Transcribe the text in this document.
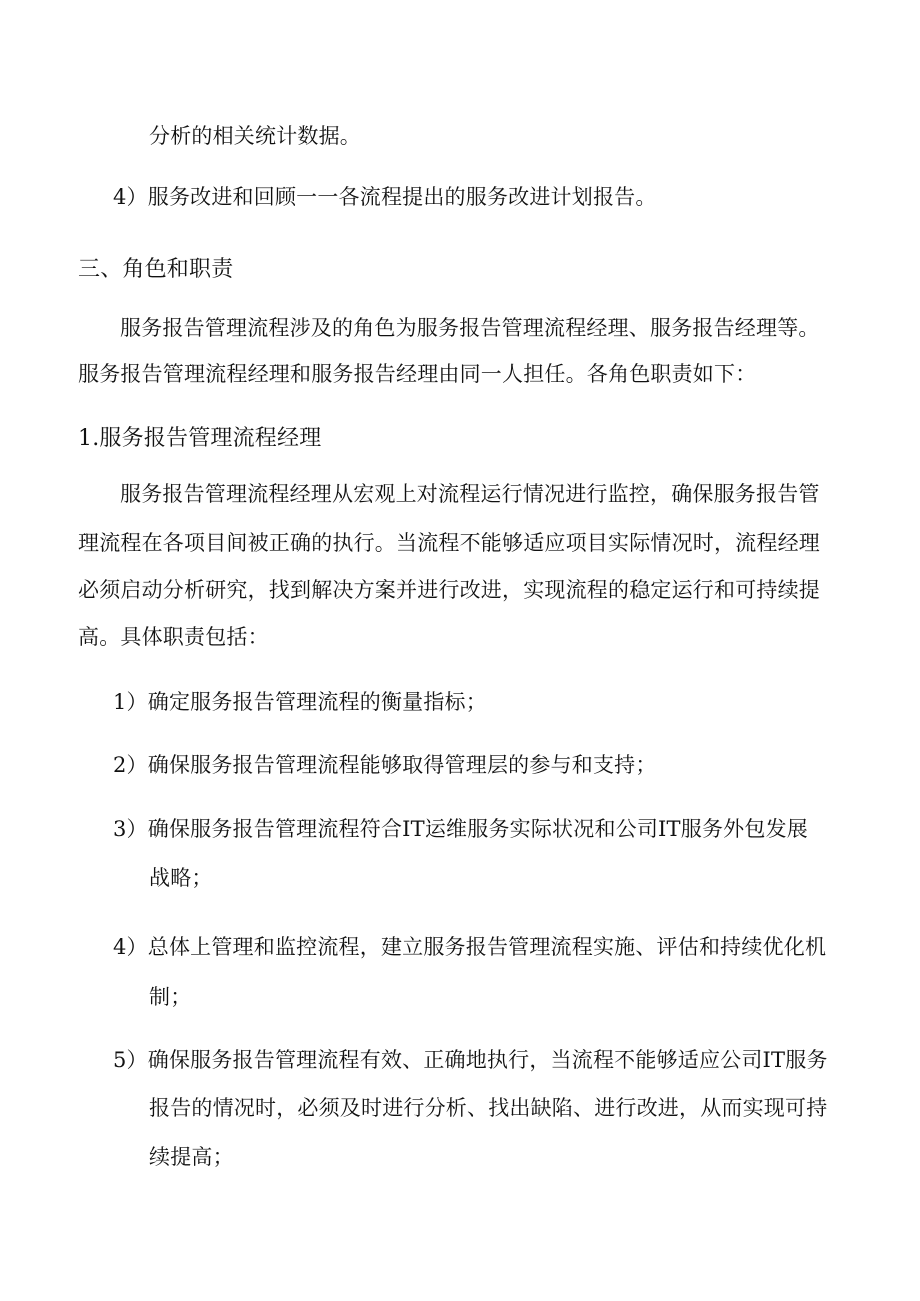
分析的相关统计数据。
4）服务改进和回顾一一各流程提出的服务改进计划报告。
三、角色和职责
服务报告管理流程涉及的角色为服务报告管理流程经理、服务报告经理等。
服务报告管理流程经理和服务报告经理由同一人担任。各角色职责如下：
1.服务报告管理流程经理
服务报告管理流程经理从宏观上对流程运行情况进行监控，确保服务报告管
理流程在各项目间被正确的执行。当流程不能够适应项目实际情况时，流程经理
必须启动分析研究，找到解决方案并进行改进，实现流程的稳定运行和可持续提
高。具体职责包括：
1）确定服务报告管理流程的衡量指标；
2）确保服务报告管理流程能够取得管理层的参与和支持；
3）确保服务报告管理流程符合IT运维服务实际状况和公司IT服务外包发展
战略；
4）总体上管理和监控流程，建立服务报告管理流程实施、评估和持续优化机
制；
5）确保服务报告管理流程有效、正确地执行，当流程不能够适应公司IT服务
报告的情况时，必须及时进行分析、找出缺陷、进行改进，从而实现可持
续提高；
